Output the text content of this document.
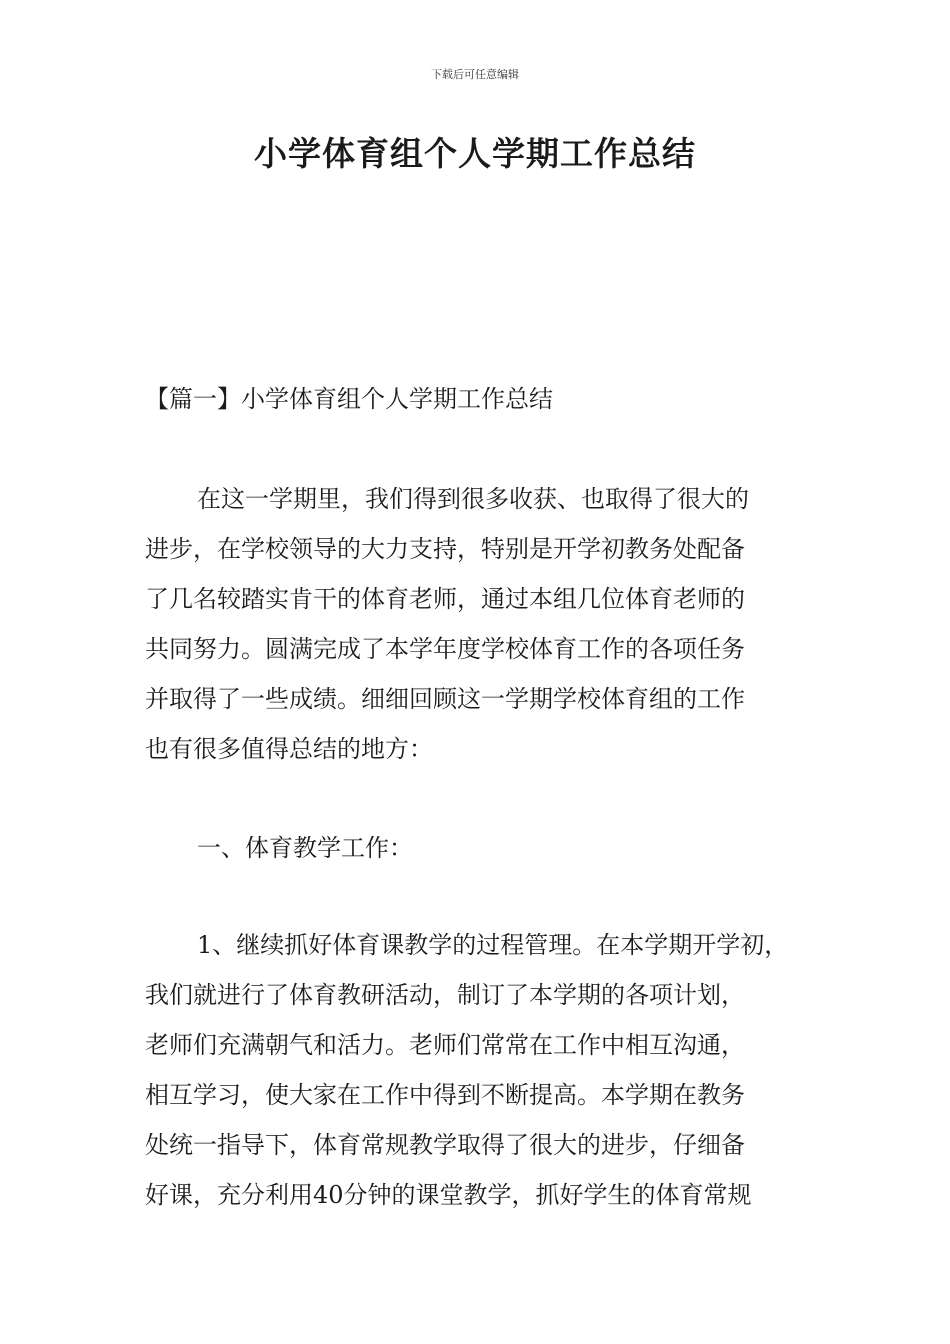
下载后可任意编辑
小学体育组个人学期工作总结

【篇一】小学体育组个人学期工作总结

在这一学期里，我们得到很多收获、也取得了很大的
进步，在学校领导的大力支持，特别是开学初教务处配备
了几名较踏实肯干的体育老师，通过本组几位体育老师的
共同努力。圆满完成了本学年度学校体育工作的各项任务
并取得了一些成绩。细细回顾这一学期学校体育组的工作
也有很多值得总结的地方：
一、体育教学工作：
1、继续抓好体育课教学的过程管理。在本学期开学初，
我们就进行了体育教研活动，制订了本学期的各项计划，
老师们充满朝气和活力。老师们常常在工作中相互沟通，
相互学习，使大家在工作中得到不断提高。本学期在教务
处统一指导下，体育常规教学取得了很大的进步，仔细备
好课，充分利用40分钟的课堂教学，抓好学生的体育常规
